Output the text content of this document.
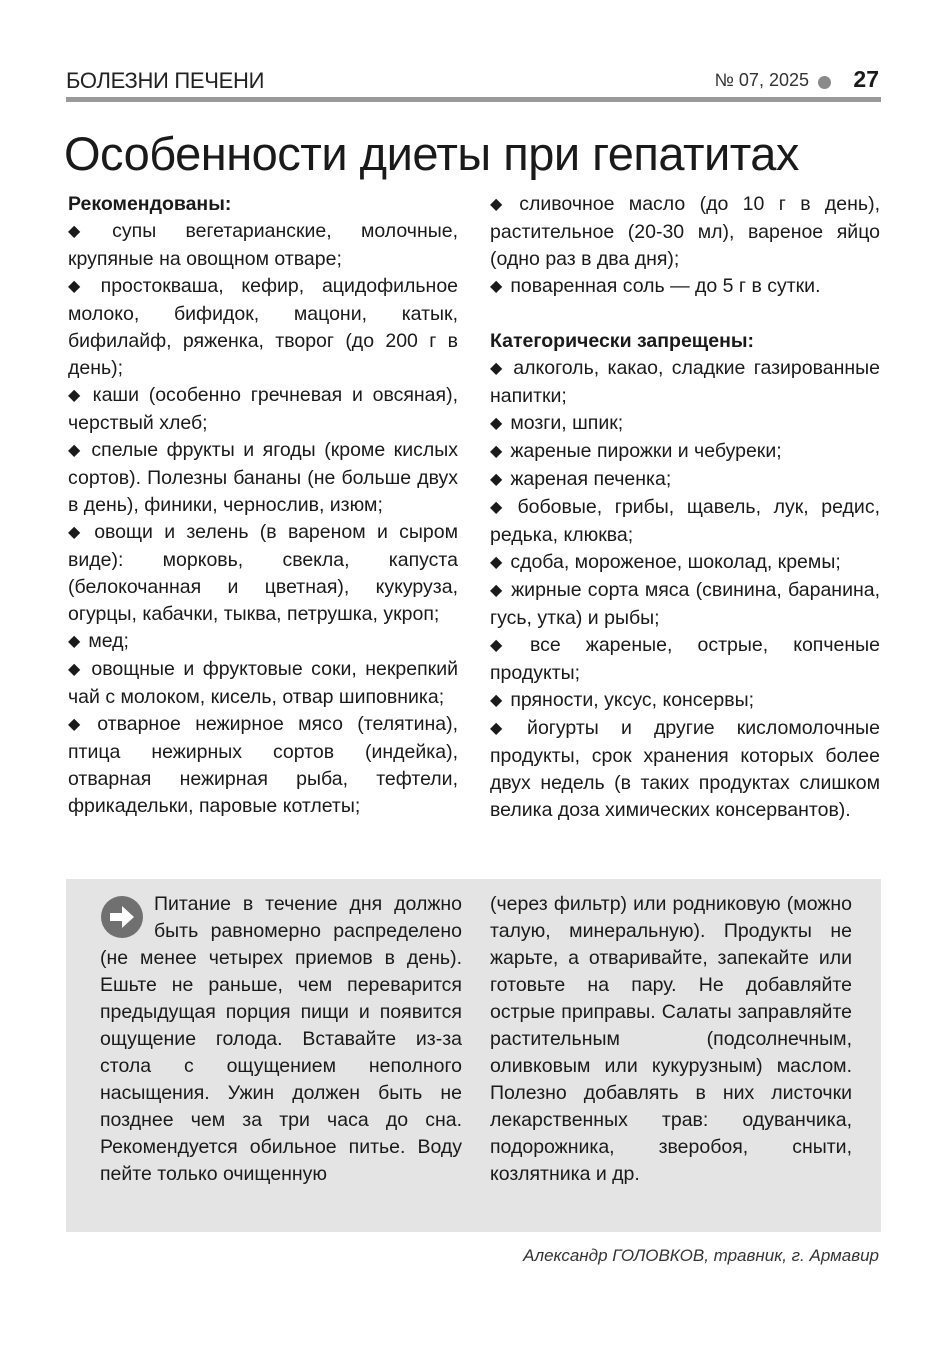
БОЛЕЗНИ ПЕЧЕНИ	№ 07, 2025 27
Особенности диеты при гепатитах
Рекомендованы:
◆ супы вегетарианские, молочные, крупяные на овощном отваре;
◆ простокваша, кефир, ацидофильное молоко, бифидок, мацони, катык, бифилайф, ряженка, творог (до 200 г в день);
◆ каши (особенно гречневая и овсяная), черствый хлеб;
◆ спелые фрукты и ягоды (кроме кислых сортов). Полезны бананы (не больше двух в день), финики, чернослив, изюм;
◆ овощи и зелень (в вареном и сыром виде): морковь, свекла, капуста (белокочанная и цветная), кукуруза, огурцы, кабачки, тыква, петрушка, укроп;
◆ мед;
◆ овощные и фруктовые соки, некрепкий чай с молоком, кисель, отвар шиповника;
◆ отварное нежирное мясо (телятина), птица нежирных сортов (индейка), отварная нежирная рыба, тефтели, фрикадельки, паровые котлеты;
◆ сливочное масло (до 10 г в день), растительное (20-30 мл), вареное яйцо (одно раз в два дня);
◆ поваренная соль — до 5 г в сутки.
Категорически запрещены:
◆ алкоголь, какао, сладкие газированные напитки;
◆ мозги, шпик;
◆ жареные пирожки и чебуреки;
◆ жареная печенка;
◆ бобовые, грибы, щавель, лук, редис, редька, клюква;
◆ сдоба, мороженое, шоколад, кремы;
◆ жирные сорта мяса (свинина, баранина, гусь, утка) и рыбы;
◆ все жареные, острые, копченые продукты;
◆ пряности, уксус, консервы;
◆ йогурты и другие кисломолочные продукты, срок хранения которых более двух недель (в таких продуктах слишком велика доза химических консервантов).
Питание в течение дня должно быть равномерно распределено (не менее четырех приемов в день). Ешьте не раньше, чем переварится предыдущая порция пищи и появится ощущение голода. Вставайте из-за стола с ощущением неполного насыщения. Ужин должен быть не позднее чем за три часа до сна. Рекомендуется обильное питье. Воду пейте только очищенную
(через фильтр) или родниковую (можно талую, минеральную). Продукты не жарьте, а отваривайте, запекайте или готовьте на пару. Не добавляйте острые приправы. Салаты заправляйте растительным (подсолнечным, оливковым или кукурузным) маслом. Полезно добавлять в них листочки лекарственных трав: одуванчика, подорожника, зверобоя, сныти, козлятника и др.
Александр ГОЛОВКОВ, травник, г. Армавир
